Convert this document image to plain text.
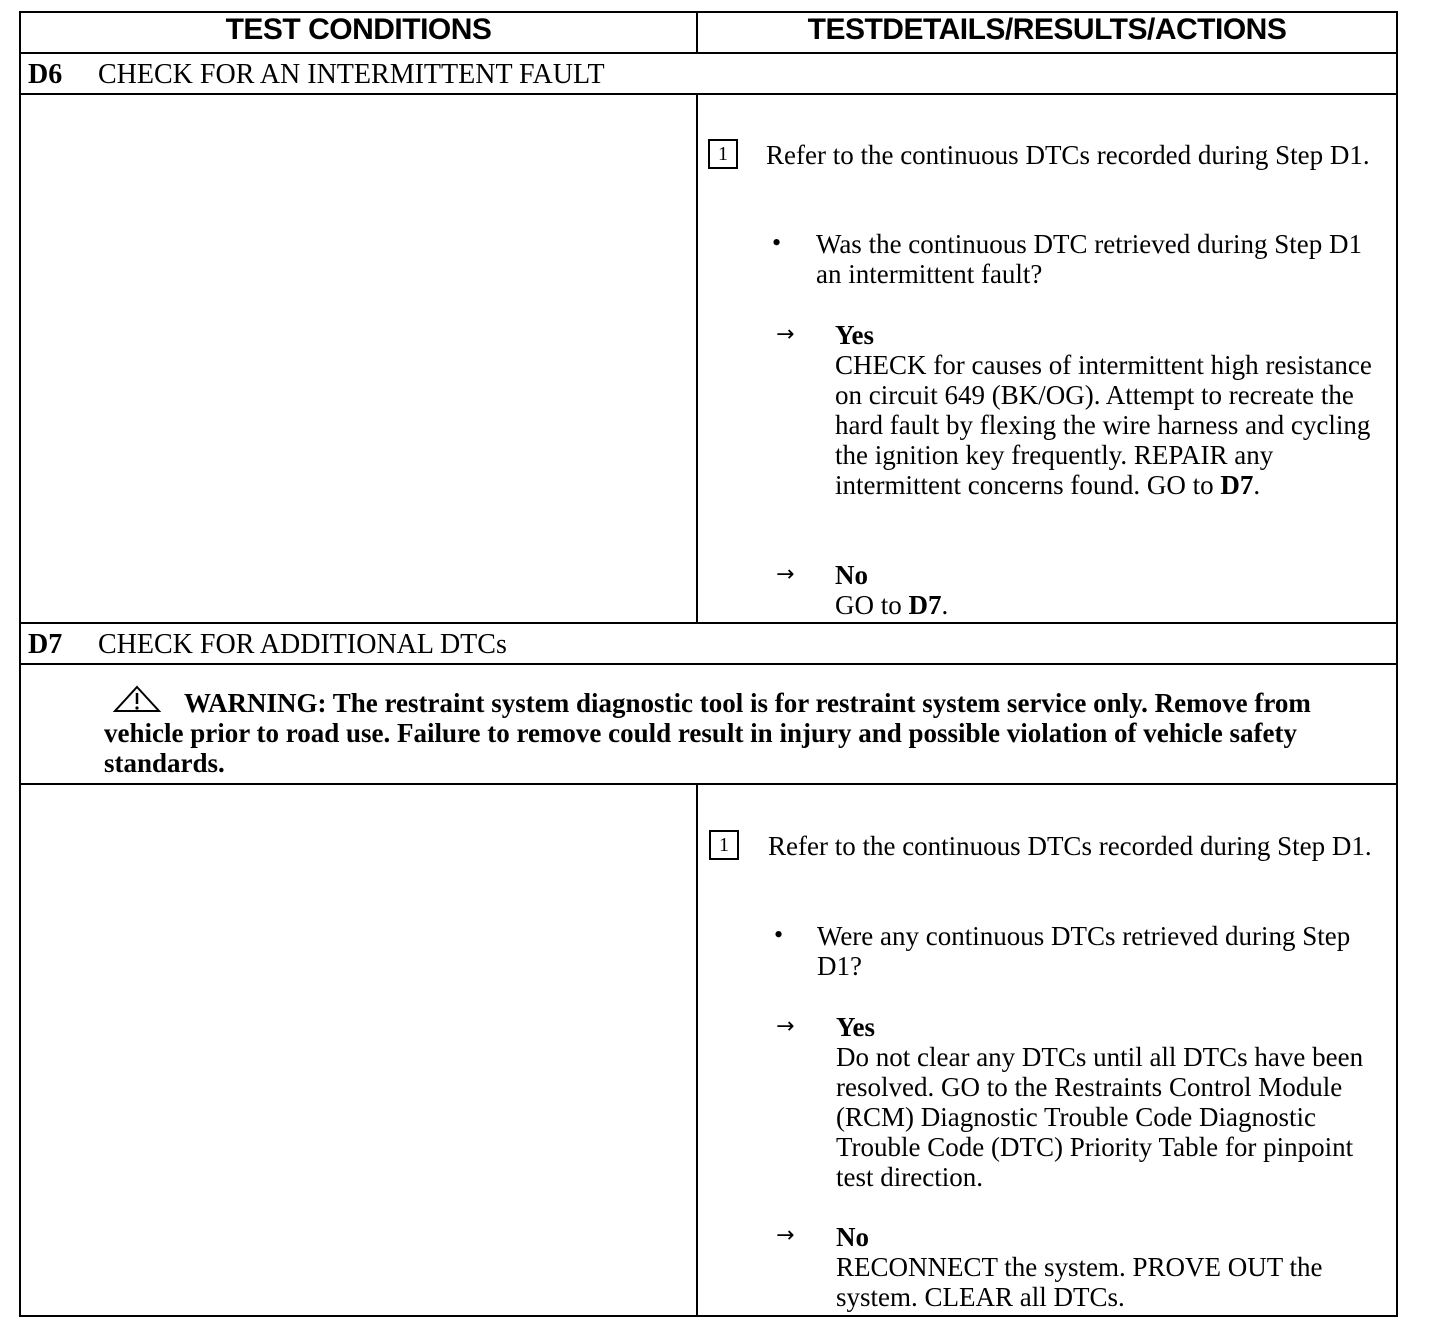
TEST CONDITIONS	TESTDETAILS/RESULTS/ACTIONS
D6 CHECK FOR AN INTERMITTENT FAULT
1	Refer to the continuous DTCs recorded during Step D1.
• Was the continuous DTC retrieved during Step D1 an intermittent fault?
→ Yes
CHECK for causes of intermittent high resistance on circuit 649 (BK/OG). Attempt to recreate the hard fault by flexing the wire harness and cycling the ignition key frequently. REPAIR any intermittent concerns found. GO to D7.
→ No
GO to D7.
D7 CHECK FOR ADDITIONAL DTCs
WARNING: The restraint system diagnostic tool is for restraint system service only. Remove from vehicle prior to road use. Failure to remove could result in injury and possible violation of vehicle safety standards.
1	Refer to the continuous DTCs recorded during Step D1.
• Were any continuous DTCs retrieved during Step D1?
→ Yes
Do not clear any DTCs until all DTCs have been resolved. GO to the Restraints Control Module (RCM) Diagnostic Trouble Code Diagnostic Trouble Code (DTC) Priority Table for pinpoint test direction.
→ No
RECONNECT the system. PROVE OUT the system. CLEAR all DTCs.
